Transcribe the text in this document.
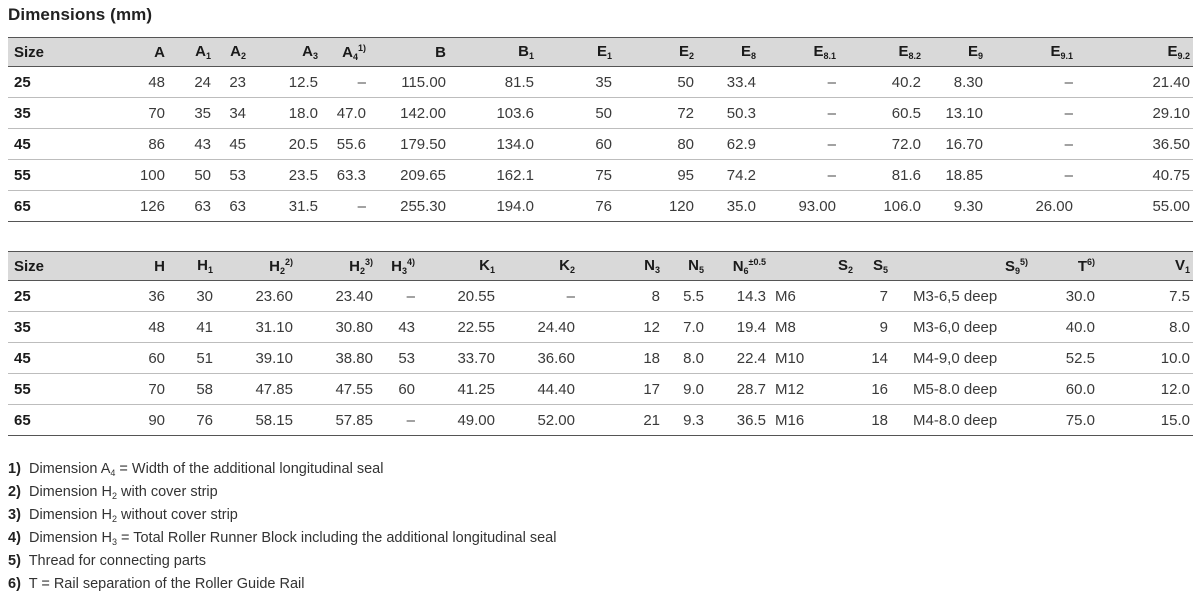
Dimensions (mm)
Size	A	$A_1$	$A_2$	$A_3$	$A_4^{1)}$	B	$B_1$	$E_1$	$E_2$	$E_8$	$E_{8.1}$	$E_{8.2}$	$E_9$	$E_{9.1}$	$E_{9.2}$
25	48	24	23	12.5	–	115.00	81.5	35	50	33.4	–	40.2	8.30	–	21.40
35	70	35	34	18.0	47.0	142.00	103.6	50	72	50.3	–	60.5	13.10	–	29.10
45	86	43	45	20.5	55.6	179.50	134.0	60	80	62.9	–	72.0	16.70	–	36.50
55	100	50	53	23.5	63.3	209.65	162.1	75	95	74.2	–	81.6	18.85	–	40.75
65	126	63	63	31.5	–	255.30	194.0	76	120	35.0	93.00	106.0	9.30	26.00	55.00
Size	H	$H_1$	$H_2^{2)}$	$H_2^{3)}$	$H_3^{4)}$	$K_1$	$K_2$	$N_3$	$N_5$	$N_6^{\pm 0.5}$	$S_2$	$S_5$	$S_9^{5)}$	$T^{6)}$	$V_1$
25	36	30	23.60	23.40	–	20.55	–	8	5.5	14.3	M6	7	M3-6,5 deep	30.0	7.5
35	48	41	31.10	30.80	43	22.55	24.40	12	7.0	19.4	M8	9	M3-6,0 deep	40.0	8.0
45	60	51	39.10	38.80	53	33.70	36.60	18	8.0	22.4	M10	14	M4-9,0 deep	52.5	10.0
55	70	58	47.85	47.55	60	41.25	44.40	17	9.0	28.7	M12	16	M5-8.0 deep	60.0	12.0
65	90	76	58.15	57.85	–	49.00	52.00	21	9.3	36.5	M16	18	M4-8.0 deep	75.0	15.0
1) Dimension $A_4$ = Width of the additional longitudinal seal
2) Dimension $H_2$ with cover strip
3) Dimension $H_2$ without cover strip
4) Dimension $H_3$ = Total Roller Runner Block including the additional longitudinal seal
5) Thread for connecting parts
6) T = Rail separation of the Roller Guide Rail
